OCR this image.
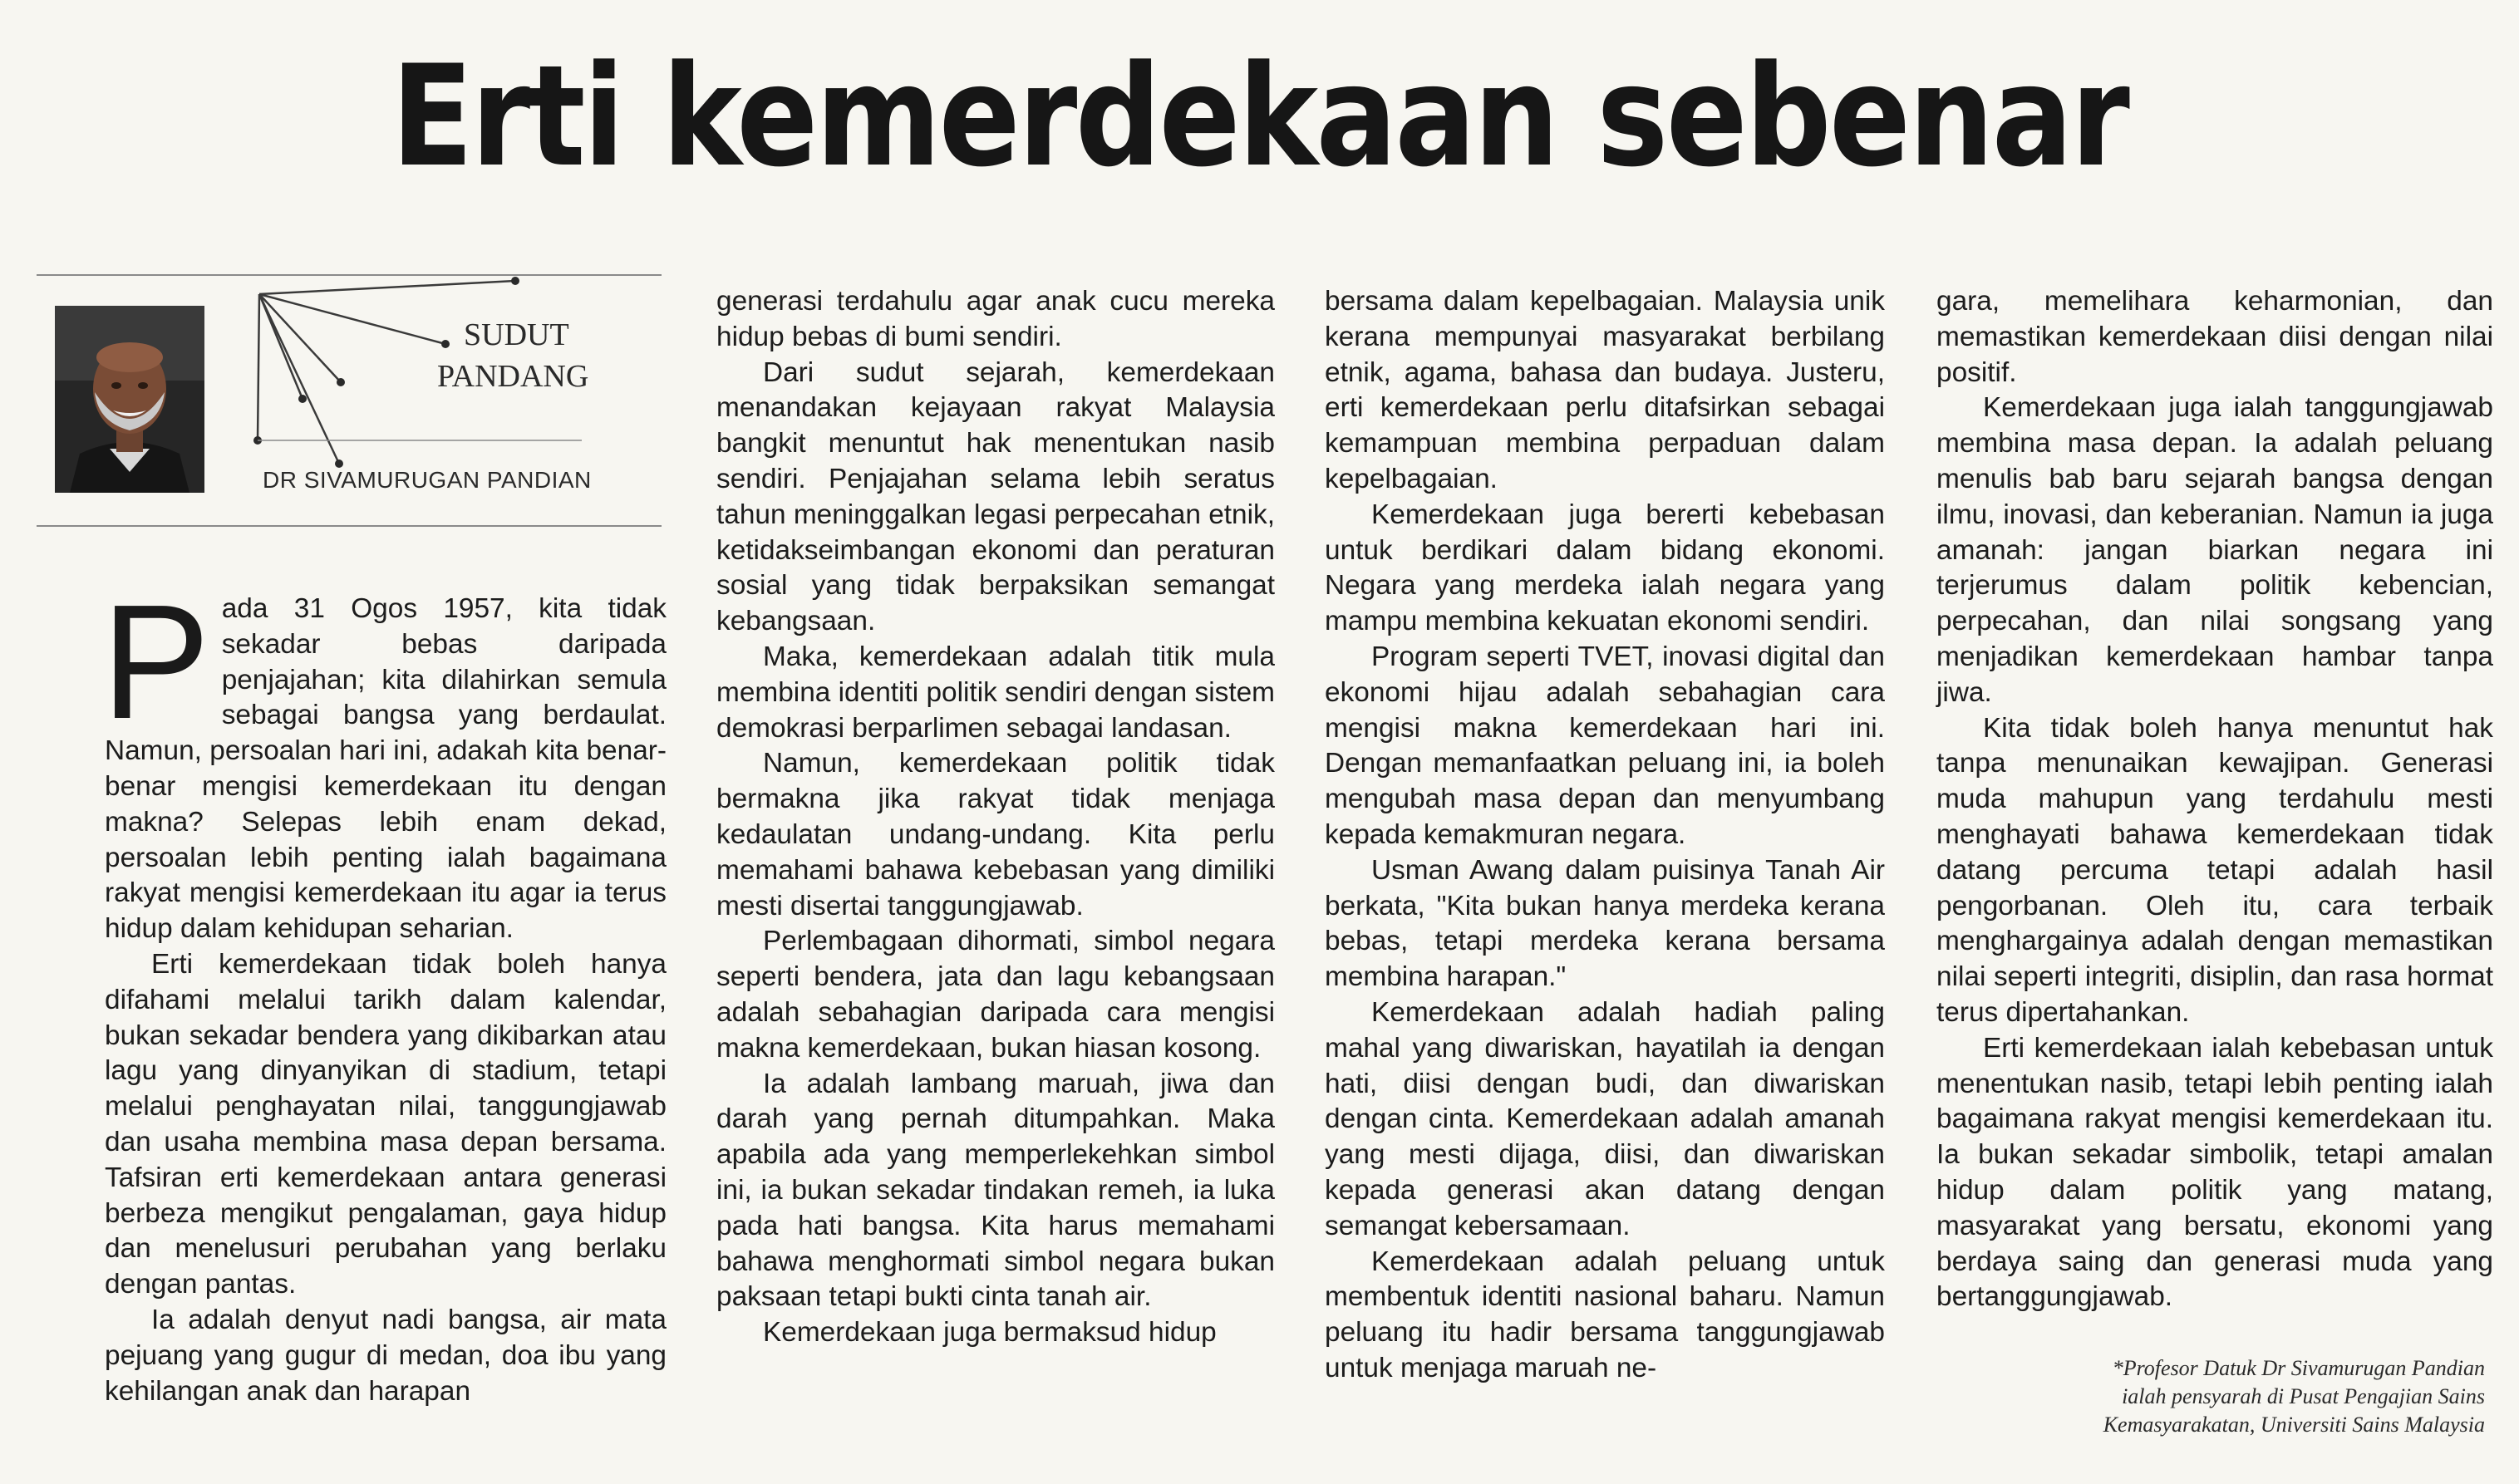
Erti kemerdekaan sebenar
SUDUT
PANDANG
DR SIVAMURUGAN PANDIAN

Pada 31 Ogos 1957, kita tidak sekadar bebas daripada penjajahan; kita dilahirkan semula sebagai bangsa yang berdaulat. Namun, persoalan hari ini, adakah kita benar-benar mengisi kemerdekaan itu dengan makna? Selepas lebih enam dekad, persoalan lebih penting ialah bagaimana rakyat mengisi kemerdekaan itu agar ia terus hidup dalam kehidupan seharian.

Erti kemerdekaan tidak boleh hanya difahami melalui tarikh dalam kalendar, bukan sekadar bendera yang dikibarkan atau lagu yang dinyanyikan di stadium, tetapi melalui penghayatan nilai, tanggungjawab dan usaha membina masa depan bersama. Tafsiran erti kemerdekaan antara generasi berbeza mengikut pengalaman, gaya hidup dan menelusuri perubahan yang berlaku dengan pantas.

Ia adalah denyut nadi bangsa, air mata pejuang yang gugur di medan, doa ibu yang kehilangan anak dan harapan

generasi terdahulu agar anak cucu mereka hidup bebas di bumi sendiri.

Dari sudut sejarah, kemerdekaan menandakan kejayaan rakyat Malaysia bangkit menuntut hak menentukan nasib sendiri. Penjajahan selama lebih seratus tahun meninggalkan legasi perpecahan etnik, ketidakseimbangan ekonomi dan peraturan sosial yang tidak berpaksikan semangat kebangsaan.

Maka, kemerdekaan adalah titik mula membina identiti politik sendiri dengan sistem demokrasi berparlimen sebagai landasan.

Namun, kemerdekaan politik tidak bermakna jika rakyat tidak menjaga kedaulatan undang-undang. Kita perlu memahami bahawa kebebasan yang dimiliki mesti disertai tanggungjawab.

Perlembagaan dihormati, simbol negara seperti bendera, jata dan lagu kebangsaan adalah sebahagian daripada cara mengisi makna kemerdekaan, bukan hiasan kosong.

Ia adalah lambang maruah, jiwa dan darah yang pernah ditumpahkan. Maka apabila ada yang memperlekehkan simbol ini, ia bukan sekadar tindakan remeh, ia luka pada hati bangsa. Kita harus memahami bahawa menghormati simbol negara bukan paksaan tetapi bukti cinta tanah air.

Kemerdekaan juga bermaksud hidup

bersama dalam kepelbagaian. Malaysia unik kerana mempunyai masyarakat berbilang etnik, agama, bahasa dan budaya. Justeru, erti kemerdekaan perlu ditafsirkan sebagai kemampuan membina perpaduan dalam kepelbagaian.

Kemerdekaan juga bererti kebebasan untuk berdikari dalam bidang ekonomi. Negara yang merdeka ialah negara yang mampu membina kekuatan ekonomi sendiri.

Program seperti TVET, inovasi digital dan ekonomi hijau adalah sebahagian cara mengisi makna kemerdekaan hari ini. Dengan memanfaatkan peluang ini, ia boleh mengubah masa depan dan menyumbang kepada kemakmuran negara.

Usman Awang dalam puisinya Tanah Air berkata, "Kita bukan hanya merdeka kerana bebas, tetapi merdeka kerana bersama membina harapan."

Kemerdekaan adalah hadiah paling mahal yang diwariskan, hayatilah ia dengan hati, diisi dengan budi, dan diwariskan dengan cinta. Kemerdekaan adalah amanah yang mesti dijaga, diisi, dan diwariskan kepada generasi akan datang dengan semangat kebersamaan.

Kemerdekaan adalah peluang untuk membentuk identiti nasional baharu. Namun peluang itu hadir bersama tanggungjawab untuk menjaga maruah ne-

gara, memelihara keharmonian, dan memastikan kemerdekaan diisi dengan nilai positif.

Kemerdekaan juga ialah tanggungjawab membina masa depan. Ia adalah peluang menulis bab baru sejarah bangsa dengan ilmu, inovasi, dan keberanian. Namun ia juga amanah: jangan biarkan negara ini terjerumus dalam politik kebencian, perpecahan, dan nilai songsang yang menjadikan kemerdekaan hambar tanpa jiwa.

Kita tidak boleh hanya menuntut hak tanpa menunaikan kewajipan. Generasi muda mahupun yang terdahulu mesti menghayati bahawa kemerdekaan tidak datang percuma tetapi adalah hasil pengorbanan. Oleh itu, cara terbaik menghargainya adalah dengan memastikan nilai seperti integriti, disiplin, dan rasa hormat terus dipertahankan.

Erti kemerdekaan ialah kebebasan untuk menentukan nasib, tetapi lebih penting ialah bagaimana rakyat mengisi kemerdekaan itu. Ia bukan sekadar simbolik, tetapi amalan hidup dalam politik yang matang, masyarakat yang bersatu, ekonomi yang berdaya saing dan generasi muda yang bertanggungjawab.

*Profesor Datuk Dr Sivamurugan Pandian
ialah pensyarah di Pusat Pengajian Sains
Kemasyarakatan, Universiti Sains Malaysia
